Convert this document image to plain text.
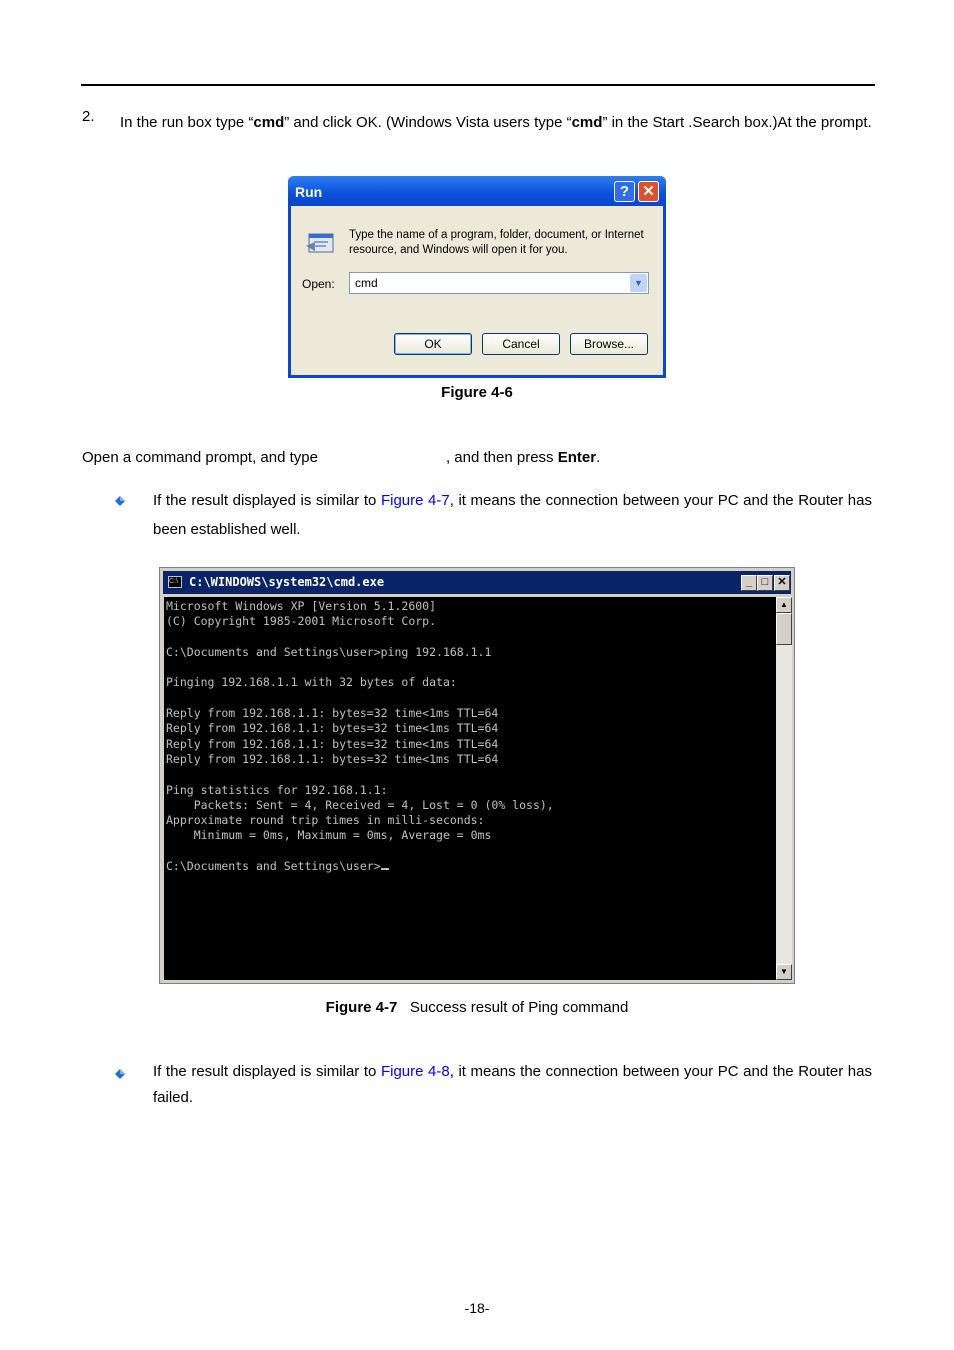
2. In the run box type “cmd” and click OK. (Windows Vista users type “cmd” in the Start .Search box.)At the prompt.
Run	? ✕
Type the name of a program, folder, document, or Internet resource, and Windows will open it for you.
Open:	cmd	▼
OK	Cancel	Browse...
Figure 4-6
Open a command prompt, and type	, and then press Enter.
If the result displayed is similar to Figure 4-7, it means the connection between your PC and the Router has been established well.
C:\ C:\WINDOWS\system32\cmd.exe	_ □ ✕
Microsoft Windows XP [Version 5.1.2600]
(C) Copyright 1985-2001 Microsoft Corp.
C:\Documents and Settings\user>ping 192.168.1.1
Pinging 192.168.1.1 with 32 bytes of data:
Reply from 192.168.1.1: bytes=32 time<1ms TTL=64
Reply from 192.168.1.1: bytes=32 time<1ms TTL=64
Reply from 192.168.1.1: bytes=32 time<1ms TTL=64
Reply from 192.168.1.1: bytes=32 time<1ms TTL=64
Ping statistics for 192.168.1.1:
Packets: Sent = 4, Received = 4, Lost = 0 (0% loss),
Approximate round trip times in milli-seconds:
Minimum = 0ms, Maximum = 0ms, Average = 0ms
C:\Documents and Settings\user>
▲
▼
Figure 4-7 Success result of Ping command
If the result displayed is similar to Figure 4-8, it means the connection between your PC and the Router has failed.
-18-
